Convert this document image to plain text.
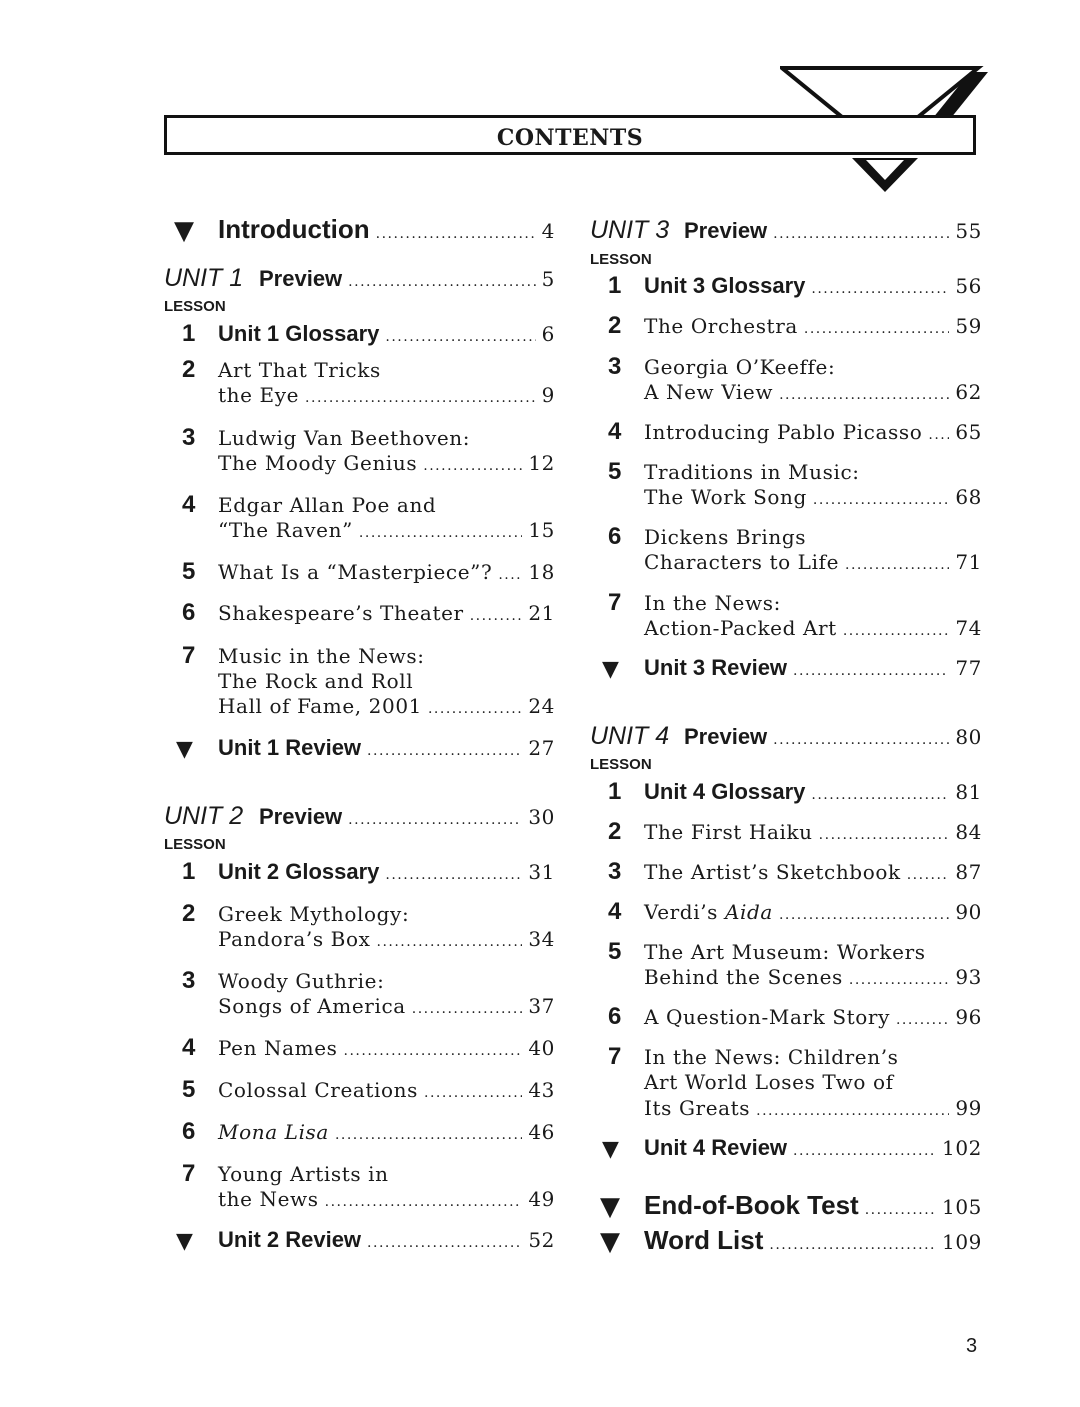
CONTENTS
▼ Introduction .....	4
UNIT 1 Preview .....	5
LESSON
1 Unit 1 Glossary .....	6
2 Art That Tricks
the Eye .....	9
3 Ludwig Van Beethoven:
The Moody Genius .....	12
4 Edgar Allan Poe and
“The Raven” .....	15
5 What Is a “Masterpiece”? ..... 18
6 Shakespeare’s Theater .....	21
7 Music in the News:
The Rock and Roll
Hall of Fame, 2001 .....	24
▼ Unit 1 Review .....	27
UNIT 2 Preview .....	30
LESSON
1 Unit 2 Glossary .....	31
2 Greek Mythology:
Pandora’s Box .....	34
3 Woody Guthrie:
Songs of America .....	37
4 Pen Names .....	40
5 Colossal Creations .....	43
6 Mona Lisa .....	46
7 Young Artists in
the News .....	49
▼ Unit 2 Review .....	52
UNIT 3 Preview .....	55
LESSON
1 Unit 3 Glossary .....	56
2 The Orchestra .....	59
3 Georgia O’Keeffe:
A New View .....	62
4 Introducing Pablo Picasso ..... 65
5 Traditions in Music:
The Work Song .....	68
6 Dickens Brings
Characters to Life .....	71
7 In the News:
Action-Packed Art .....	74
▼ Unit 3 Review .....	77
UNIT 4 Preview .....	80
LESSON
1 Unit 4 Glossary .....	81
2 The First Haiku .....	84
3 The Artist’s Sketchbook .....	87
4 Verdi’s Aida .....	90
5 The Art Museum: Workers
Behind the Scenes .....	93
6 A Question-Mark Story .....	96
7 In the News: Children’s
Art World Loses Two of
Its Greats .....	99
▼ Unit 4 Review .....	102
▼ End-of-Book Test .....	105
▼ Word List .....	109
3
